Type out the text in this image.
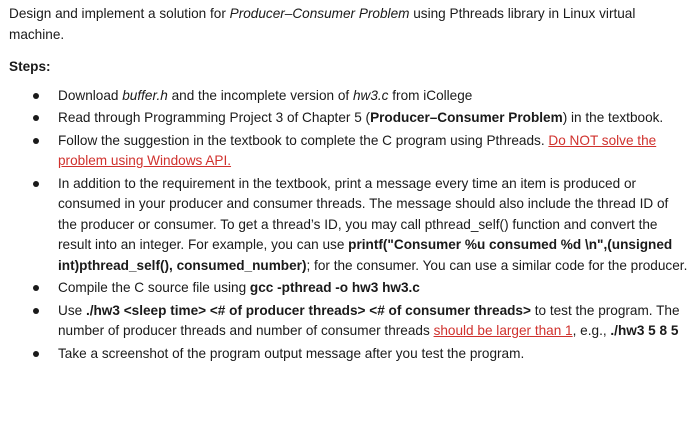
Design and implement a solution for Producer–Consumer Problem using Pthreads library in Linux virtual machine.

Steps:

Download buffer.h and the incomplete version of hw3.c from iCollege
Read through Programming Project 3 of Chapter 5 (Producer–Consumer Problem) in the textbook.
Follow the suggestion in the textbook to complete the C program using Pthreads. Do NOT solve the problem using Windows API.
In addition to the requirement in the textbook, print a message every time an item is produced or consumed in your producer and consumer threads. The message should also include the thread ID of the producer or consumer. To get a thread’s ID, you may call pthread_self() function and convert the result into an integer. For example, you can use printf("Consumer %u consumed %d \n",(unsigned int)pthread_self(), consumed_number); for the consumer. You can use a similar code for the producer.
Compile the C source file using gcc -pthread -o hw3 hw3.c
Use ./hw3 <sleep time> <# of producer threads> <# of consumer threads> to test the program. The number of producer threads and number of consumer threads should be larger than 1, e.g., ./hw3 5 8 5
Take a screenshot of the program output message after you test the program.
